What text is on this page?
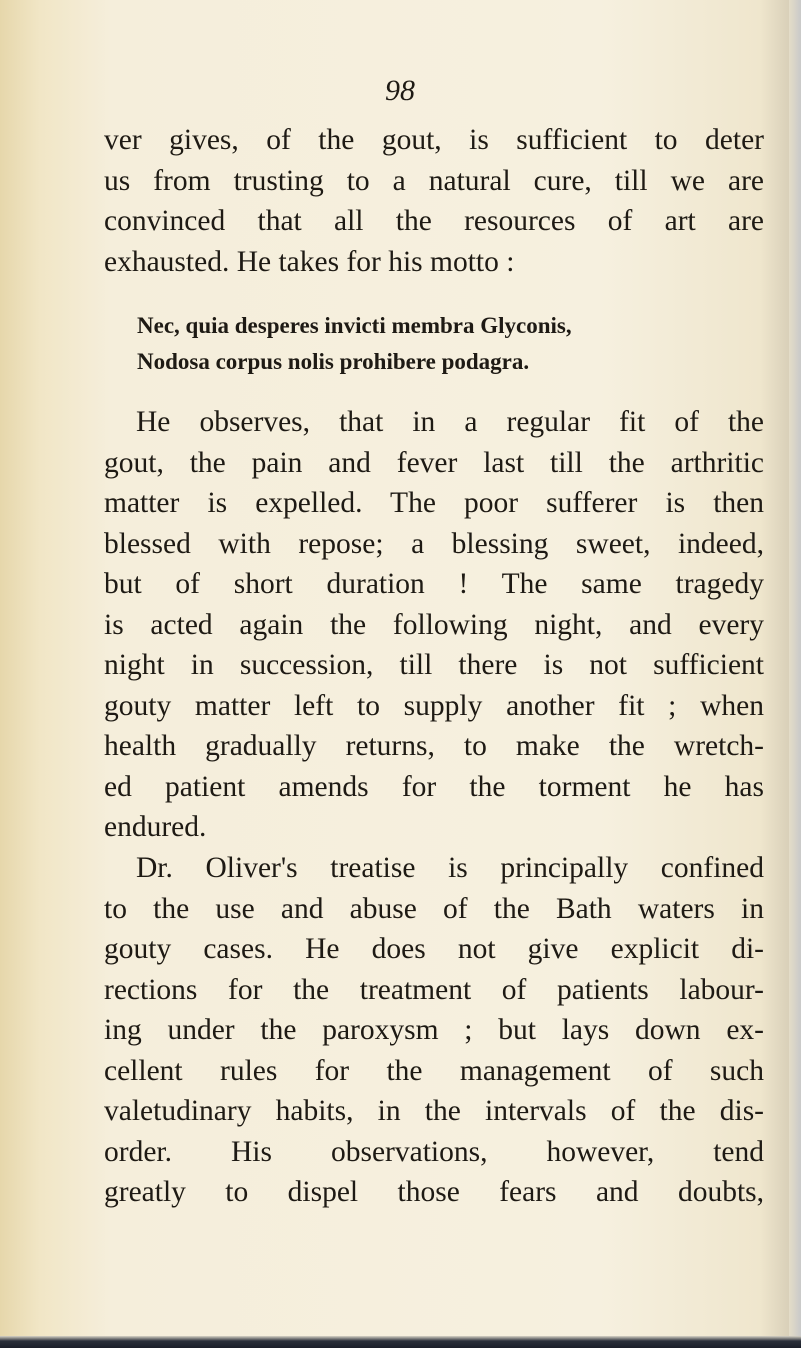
98
ver gives, of the gout, is sufficient to deter
us from trusting to a natural cure, till we are
convinced that all the resources of art are
exhausted. He takes for his motto :
Nec, quia desperes invicti membra Glyconis,
Nodosa corpus nolis prohibere podagra.
He observes, that in a regular fit of the
gout, the pain and fever last till the arthritic
matter is expelled. The poor sufferer is then
blessed with repose; a blessing sweet, indeed,
but of short duration ! The same tragedy
is acted again the following night, and every
night in succession, till there is not sufficient
gouty matter left to supply another fit ; when
health gradually returns, to make the wretch-
ed patient amends for the torment he has
endured.
Dr. Oliver's treatise is principally confined
to the use and abuse of the Bath waters in
gouty cases. He does not give explicit di-
rections for the treatment of patients labour-
ing under the paroxysm ; but lays down ex-
cellent rules for the management of such
valetudinary habits, in the intervals of the dis-
order. His observations, however, tend
greatly to dispel those fears and doubts,
